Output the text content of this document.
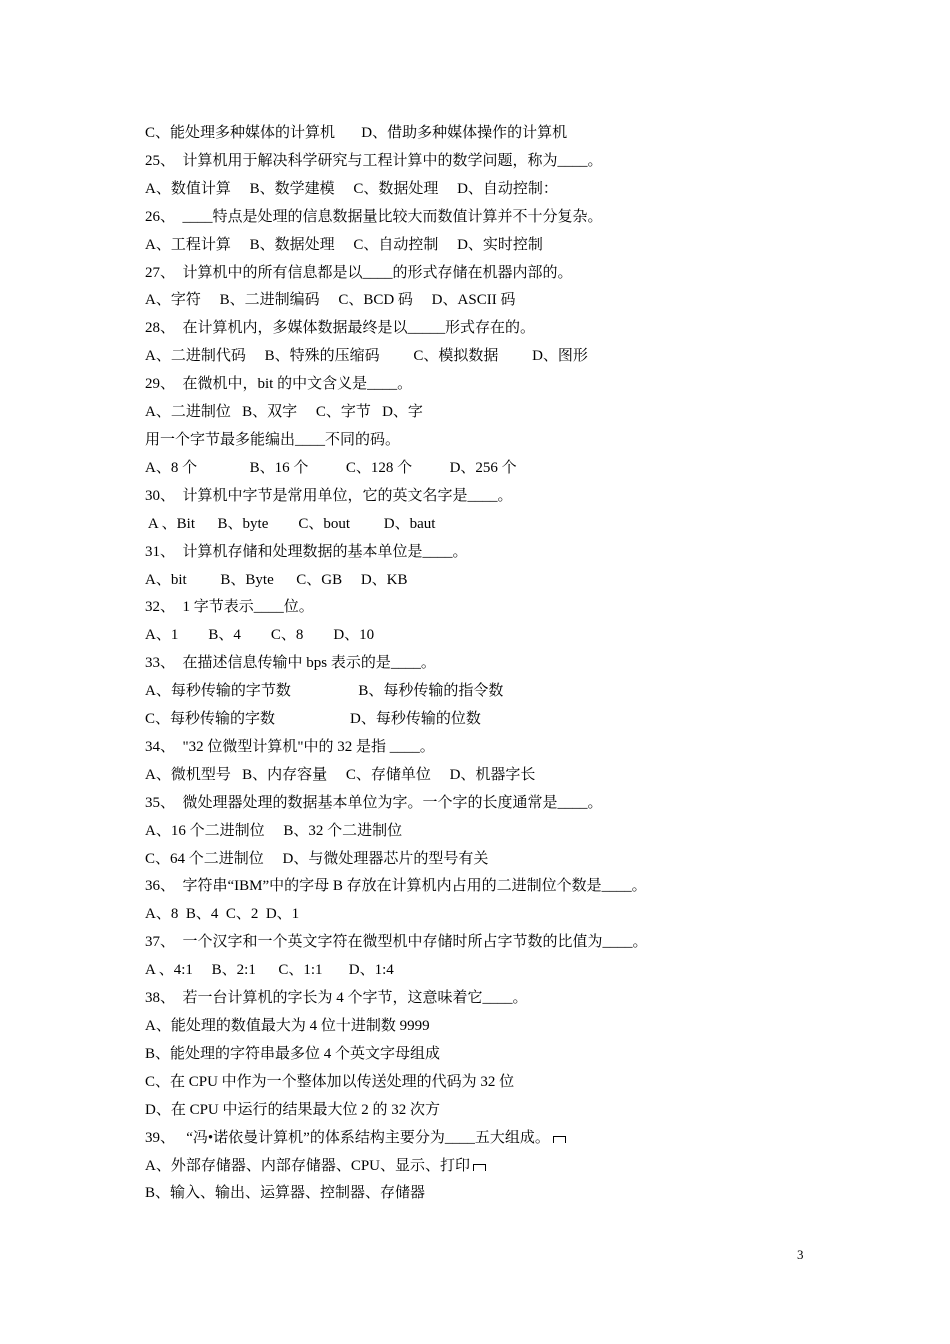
C、能处理多种媒体的计算机       D、借助多种媒体操作的计算机
25、  计算机用于解决科学研究与工程计算中的数学问题，称为____。
A、数值计算     B、数学建模     C、数据处理     D、自动控制：
26、  ____特点是处理的信息数据量比较大而数值计算并不十分复杂。
A、工程计算     B、数据处理     C、自动控制     D、实时控制
27、  计算机中的所有信息都是以____的形式存储在机器内部的。
A、字符     B、二进制编码     C、BCD 码     D、ASCII 码
28、  在计算机内，多媒体数据最终是以_____形式存在的。
A、二进制代码     B、特殊的压缩码         C、模拟数据         D、图形
29、  在微机中，bit 的中文含义是____。
A、二进制位   B、双字     C、字节   D、字
用一个字节最多能编出____不同的码。
A、8 个              B、16 个          C、128 个          D、256 个
30、  计算机中字节是常用单位，它的英文名字是____。
A 、Bit      B、byte        C、bout         D、baut
31、  计算机存储和处理数据的基本单位是____。
A、bit         B、Byte      C、GB     D、KB
32、  1 字节表示____位。
A、1        B、4        C、8        D、10
33、  在描述信息传输中 bps 表示的是____。
A、每秒传输的字节数                  B、每秒传输的指令数
C、每秒传输的字数                    D、每秒传输的位数
34、  "32 位微型计算机"中的 32 是指 ____。
A、微机型号   B、内存容量     C、存储单位     D、机器字长
35、  微处理器处理的数据基本单位为字。一个字的长度通常是____。
A、16 个二进制位     B、32 个二进制位
C、64 个二进制位     D、与微处理器芯片的型号有关
36、  字符串“IBM”中的字母 B 存放在计算机内占用的二进制位个数是____。
A、8  B、4  C、2  D、1
37、  一个汉字和一个英文字符在微型机中存储时所占字节数的比值为____。
A 、4:1     B、2:1      C、1:1       D、1:4
38、  若一台计算机的字长为 4 个字节，这意味着它____。
A、能处理的数值最大为 4 位十进制数 9999
B、能处理的字符串最多位 4 个英文字母组成
C、在 CPU 中作为一个整体加以传送处理的代码为 32 位
D、在 CPU 中运行的结果最大位 2 的 32 次方
39、   “冯•诺依曼计算机”的体系结构主要分为____五大组成。
A、外部存储器、内部存储器、CPU、显示、打印
B、输入、输出、运算器、控制器、存储器
3
